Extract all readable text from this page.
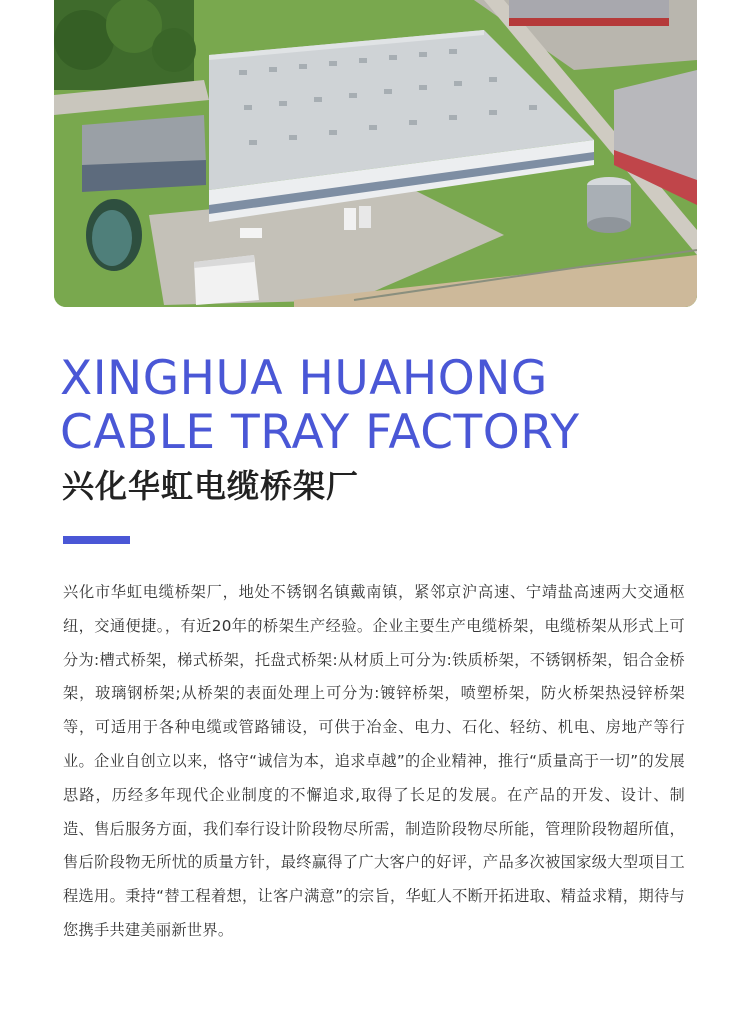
XINGHUA HUAHONG
CABLE TRAY FACTORY
兴化华虹电缆桥架厂

兴化市华虹电缆桥架厂，地处不锈钢名镇戴南镇，紧邻京沪高速、宁靖盐高速两大交通枢纽，交通便捷。，有近20年的桥架生产经验。企业主要生产电缆桥架，电缆桥架从形式上可分为:槽式桥架，梯式桥架，托盘式桥架:从材质上可分为:铁质桥架，不锈钢桥架，铝合金桥架，玻璃钢桥架;从桥架的表面处理上可分为:镀锌桥架，喷塑桥架，防火桥架热浸锌桥架等，可适用于各种电缆或管路铺设，可供于冶金、电力、石化、轻纺、机电、房地产等行业。企业自创立以来，恪守“诚信为本，追求卓越”的企业精神，推行“质量高于一切”的发展思路，历经多年现代企业制度的不懈追求,取得了长足的发展。在产品的开发、设计、制造、售后服务方面，我们奉行设计阶段物尽所需，制造阶段物尽所能，管理阶段物超所值，售后阶段物无所忧的质量方针，最终赢得了广大客户的好评，产品多次被国家级大型项目工程选用。秉持“替工程着想，让客户满意”的宗旨，华虹人不断开拓进取、精益求精，期待与您携手共建美丽新世界。
